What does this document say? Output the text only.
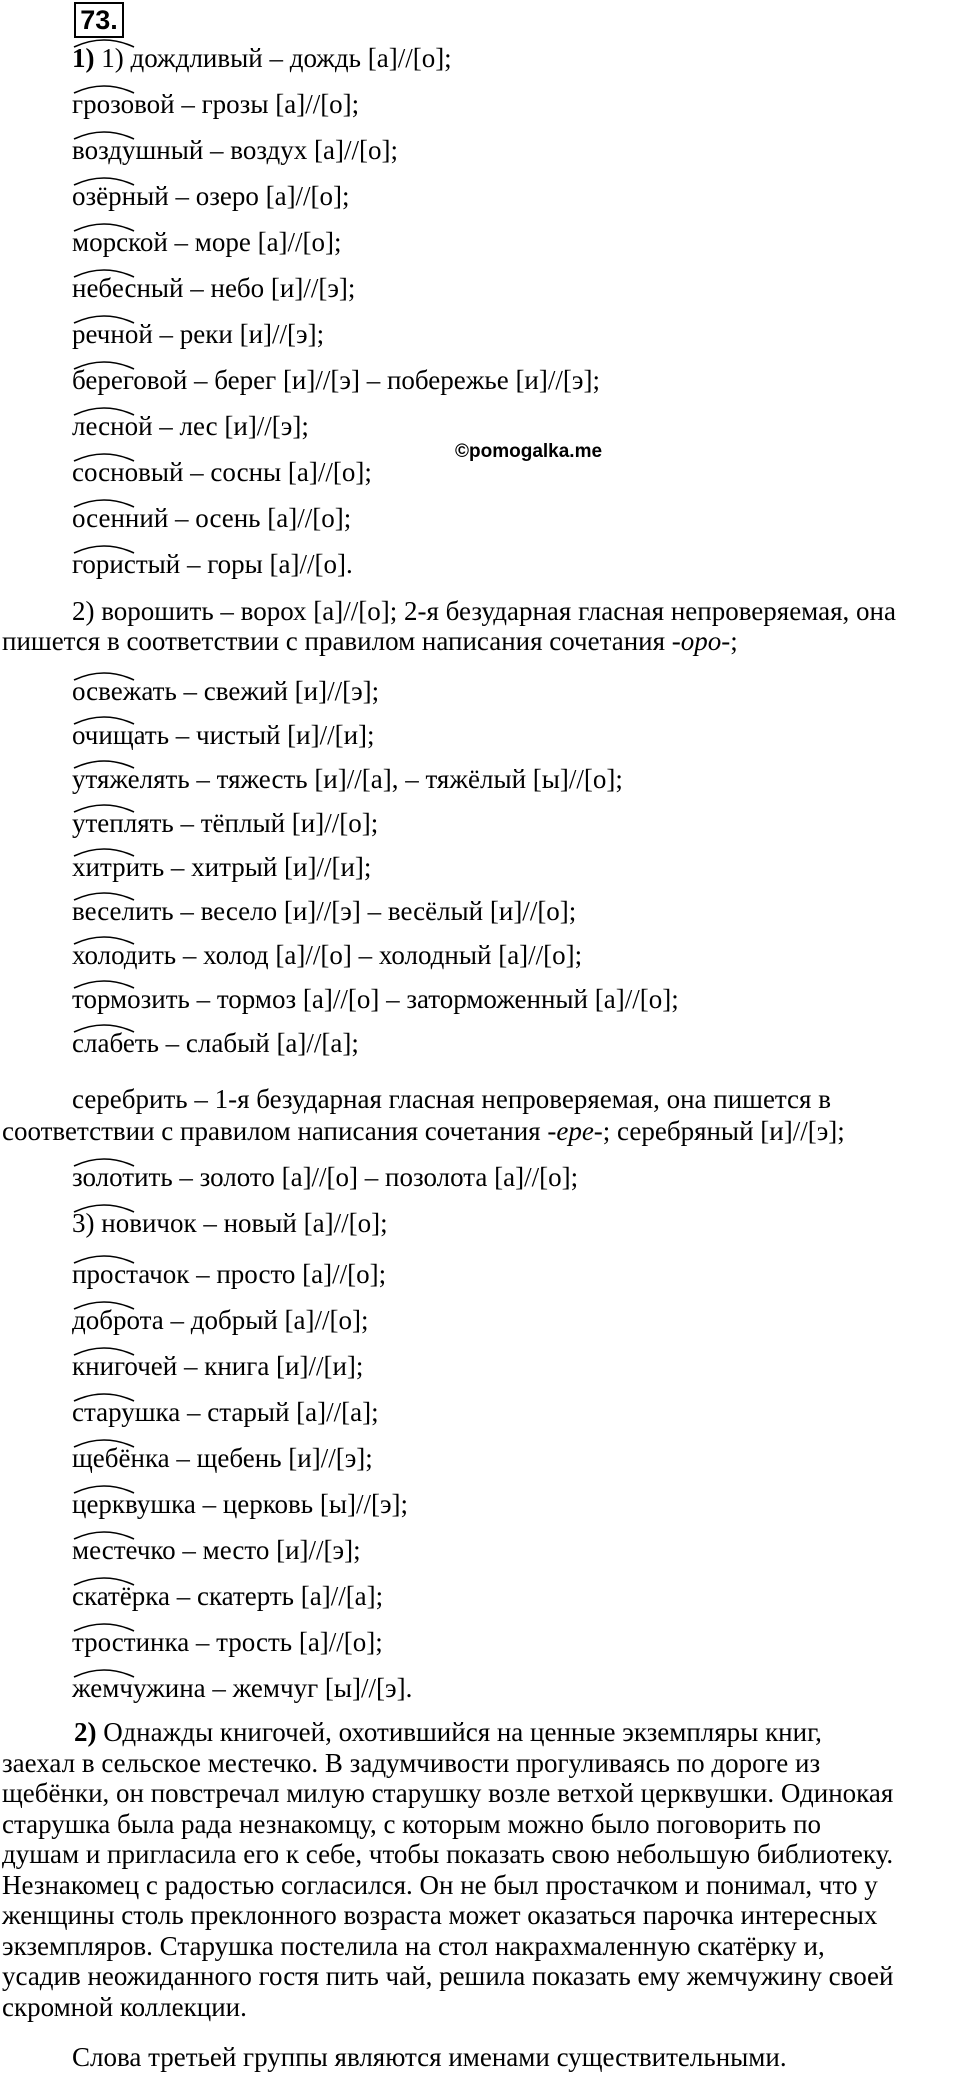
73.
1) 1) дождливый – дождь [а]//[о];
грозовой – грозы [а]//[о];
воздушный – воздух [а]//[о];
озёрный – озеро [а]//[о];
морской – море [а]//[о];
небесный – небо [и]//[э];
речной – реки [и]//[э];
береговой – берег [и]//[э] – побережье [и]//[э];
лесной – лес [и]//[э];
©pomogalka.me
сосновый – сосны [а]//[о];
осенний – осень [а]//[о];
гористый – горы [а]//[о].
2) ворошить – ворох [а]//[о]; 2-я безударная гласная непроверяемая, она
пишется в соответствии с правилом написания сочетания -оро-;
освежать – свежий [и]//[э];
очищать – чистый [и]//[и];
утяжелять – тяжесть [и]//[а], – тяжёлый [ы]//[о];
утеплять – тёплый [и]//[о];
хитрить – хитрый [и]//[и];
веселить – весело [и]//[э] – весёлый [и]//[о];
холодить – холод [а]//[о] – холодный [а]//[о];
тормозить – тормоз [а]//[о] – заторможенный [а]//[о];
слабеть – слабый [а]//[а];
серебрить – 1-я безударная гласная непроверяемая, она пишется в
соответствии с правилом написания сочетания -ере-; серебряный [и]//[э];
золотить – золото [а]//[о] – позолота [а]//[о];
3) новичок – новый [а]//[о];
простачок – просто [а]//[о];
доброта – добрый [а]//[о];
книгочей – книга [и]//[и];
старушка – старый [а]//[а];
щебёнка – щебень [и]//[э];
церквушка – церковь [ы]//[э];
местечко – место [и]//[э];
скатёрка – скатерть [а]//[а];
тростинка – трость [а]//[о];
жемчужина – жемчуг [ы]//[э].
2) Однажды книгочей, охотившийся на ценные экземпляры книг,
заехал в сельское местечко. В задумчивости прогуливаясь по дороге из
щебёнки, он повстречал милую старушку возле ветхой церквушки. Одинокая
старушка была рада незнакомцу, с которым можно было поговорить по
душам и пригласила его к себе, чтобы показать свою небольшую библиотеку.
Незнакомец с радостью согласился. Он не был простачком и понимал, что у
женщины столь преклонного возраста может оказаться парочка интересных
экземпляров. Старушка постелила на стол накрахмаленную скатёрку и,
усадив неожиданного гостя пить чай, решила показать ему жемчужину своей
скромной коллекции.
Слова третьей группы являются именами существительными.
